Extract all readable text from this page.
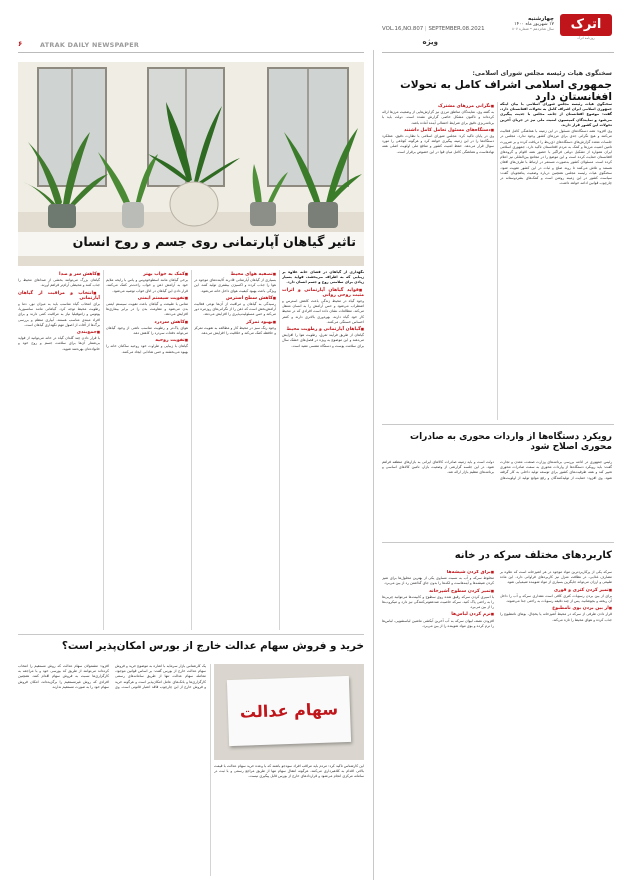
اترک
روزنامه اترک
چهارشنبه
۱۷ شهریور ماه ۱۴۰۰
سال شانزدهم • شماره ۸۰۷
VOL.16,NO.807 | SEPTEMBER.08.2021
ویژه
۶	ATRAK DAILY NEWSPAPER

سخنگوی هیات رئیسه مجلس شورای اسلامی:

جمهوری اسلامی اشراف کامل به تحولات افغانستان دارد

سخنگوی هیات رئیسه مجلس شورای اسلامی با بیان اینکه جمهوری اسلامی ایران اشراف کامل به تحولات افغانستان دارد، گفت: موضوع افغانستان از جانب مجلس با جدیت پیگیری می‌شود و نمایندگان کمیسیون امنیت ملی نیز در جریان آخرین تحولات این کشور قرار دارند.

وی افزود: همه دستگاه‌های مسئول در این زمینه با هماهنگی کامل فعالیت می‌کنند و هیچ نگرانی جدی برای مرزهای کشور وجود ندارد. مجلس در جلسات متعدد گزارش‌های دستگاه‌های ذی‌ربط را دریافت کرده و بر ضرورت تامین امنیت مرزها و کمک به مردم افغانستان تاکید دارد. جمهوری اسلامی ایران همواره از تشکیل دولتی فراگیر با حضور همه اقوام و گروه‌های افغانستان حمایت کرده است و این موضع را در مجامع بین‌المللی نیز اعلام کرده است. مسئولان کشور به‌صورت مستمر در ارتباط با طرف‌های افغان هستند و تلاش می‌کنند تا روند صلح و ثبات در این کشور تقویت شود. سخنگوی هیات رئیسه مجلس همچنین درباره وضعیت پناهجویان گفت: سیاست کشور در این زمینه روشن است و کمک‌های بشردوستانه در چارچوب قوانین ادامه خواهد داشت.

■ نگرانی مرزهای مشترک

به گفته وی، نمایندگان مناطق مرزی نیز گزارش‌هایی از وضعیت مرزها ارائه کرده‌اند و تاکنون مشکل خاصی گزارش نشده است. دولت باید با برنامه‌ریزی دقیق برای شرایط احتمالی آینده آماده باشد.

■ دستگاه‌های مسئول تعامل کامل داشتند

وی در پایان تاکید کرد: مجلس شورای اسلامی با نظارت دقیق، عملکرد دستگاه‌ها را در این زمینه پیگیری خواهد کرد و هرگونه کوتاهی را مورد سوال قرار می‌دهد. حفظ امنیت کشور و منافع ملی اولویت اصلی همه نهادهاست و هماهنگی کامل میان قوا در این خصوص برقرار است.

رویکرد دستگاه‌ها از واردات محوری به صادرات محوری اصلاح شود

رئیس جمهوری در ادامه بررسی برنامه‌های وزارت صنعت، معدن و تجارت گفت: باید رویکرد دستگاه‌ها از واردات محوری به سمت صادرات محوری تغییر کند و همه ظرفیت‌های کشور برای توسعه تولید داخلی به کار گرفته شود. وی افزود: حمایت از تولیدکنندگان و رفع موانع تولید از اولویت‌های دولت است و باید زمینه صادرات کالاهای ایرانی به بازارهای منطقه فراهم شود. در این جلسه گزارشی از وضعیت بازار، تامین کالاهای اساسی و برنامه‌های تنظیم بازار ارائه شد.

کاربردهای مختلف سرکه در خانه

سرکه یکی از پرکاربردترین مواد موجود در هر آشپزخانه است که علاوه بر مصارف غذایی، در نظافت منزل نیز کاربردهای فراوانی دارد. این ماده طبیعی و ارزان می‌تواند جایگزین بسیاری از مواد شوینده شیمیایی شود.

■ تمیز کردن کتری و قوری

برای از بین بردن رسوبات کتری کافی است مقداری سرکه و آب را داخل آن ریخته و بجوشانید. پس از چند دقیقه رسوبات به راحتی جدا می‌شوند.

■ از بین بردن بوی نامطبوع

قرار دادن ظرفی از سرکه در محیط آشپزخانه یا یخچال، بوهای نامطبوع را جذب کرده و هوای محیط را تازه می‌کند.

■ براق کردن شیشه‌ها

مخلوط سرکه و آب به نسبت مساوی یکی از بهترین محلول‌ها برای تمیز کردن شیشه‌ها و آینه‌هاست و لکه‌ها را بدون جای گذاشتن رد از بین می‌برد.

■ تمیز کردن سطوح آشپزخانه

با اسپری کردن سرکه رقیق شده روی سطوح و کابینت‌ها می‌توانید چربی‌ها را به راحتی پاک کنید. سرکه خاصیت ضدعفونی‌کنندگی نیز دارد و میکروب‌ها را از بین می‌برد.

■ نرم کردن لباس‌ها

افزودن نصف لیوان سرکه به آب آخرین آبکشی ماشین لباسشویی، لباس‌ها را نرم کرده و بوی مواد شوینده را از بین می‌برد.

تاثیر گیاهان آپارتمانی روی جسم و روح انسان

نگهداری از گیاهان در فضای خانه علاوه بر زیبایی که به اطراف می‌بخشد، فواید بسیار زیادی برای سلامتی روح و جسم انسان دارد.

■ فواید گیاهان آپارتمانی و اثرات مثبت روحی روانی

وجود گیاه در محیط زندگی باعث کاهش استرس و اضطراب می‌شود و حس آرامش را به انسان منتقل می‌کند. مطالعات نشان داده است افرادی که در محیط کار خود گیاه دارند، بهره‌وری بالاتری دارند و کمتر احساس خستگی می‌کنند.

■ گیاهان آپارتمانی و رطوبت محیط

گیاهان از طریق فرآیند تعرق، رطوبت هوا را افزایش می‌دهند و این موضوع به ویژه در فصل‌های خشک سال برای سلامت پوست و دستگاه تنفسی مفید است.

■ تصفیه هوای محیط

بسیاری از گیاهان آپارتمانی قادرند آلاینده‌های موجود در هوا را جذب کرده و اکسیژن بیشتری تولید کنند. این ویژگی باعث بهبود کیفیت هوای داخل خانه می‌شود.

■ کاهش سطح استرس

رسیدگی به گیاهان و مراقبت از آن‌ها نوعی فعالیت آرامش‌بخش است که ذهن را از نگرانی‌های روزمره دور می‌کند و حس مسئولیت‌پذیری را افزایش می‌دهد.

■ بهبود تمرکز

وجود رنگ سبز در محیط کار و مطالعه به تقویت تمرکز و حافظه کمک می‌کند و خلاقیت را افزایش می‌دهد.

■ کمک به خواب بهتر

برخی گیاهان مانند اسطوخودوس و یاس با رایحه ملایم خود به آرامش ذهن و خواب راحت‌تر کمک می‌کنند. قرار دادن این گیاهان در اتاق خواب توصیه می‌شود.

■ تقویت سیستم ایمنی

تماس با طبیعت و گیاهان باعث تقویت سیستم ایمنی بدن می‌شود و مقاومت بدن را در برابر بیماری‌ها افزایش می‌دهد.

■ کاهش سردرد

هوای پاک‌تر و رطوبت مناسب ناشی از وجود گیاهان می‌تواند دفعات سردرد را کاهش دهد.

■ تقویت روحیه

گیاهان با زیبایی و طراوت خود روحیه ساکنان خانه را بهبود می‌بخشند و حس شادابی ایجاد می‌کنند.

■ کاهش سر و صدا

گیاهان بزرگ می‌توانند بخشی از صداهای محیط را جذب کنند و محیطی آرام‌تر فراهم آورند.

■ انتخاب و مراقبت از گیاهان آپارتمانی

برای انتخاب گیاه مناسب باید به میزان نور، دما و رطوبت محیط توجه کرد. گیاهانی مانند سانسوریا، پوتوس و زاموفیلیا نیاز به مراقبت کمی دارند و برای افراد مبتدی مناسب هستند. آبیاری منظم و بررسی برگ‌ها از آفات از اصول مهم نگهداری گیاهان است.

■ جمع‌بندی

با قرار دادن چند گلدان گیاه در خانه می‌توانید از فواید بی‌شمار آن‌ها برای سلامت جسم و روح خود و خانواده‌تان بهره‌مند شوید.

خرید و فروش سهام عدالت خارج از بورس امکان‌پذیر است؟
سهام عدالت

این کارشناس تاکید کرد: مردم باید مراقب افراد سودجو باشند که با وعده خرید سهام عدالت با قیمت بالاتر، اقدام به کلاهبرداری می‌کنند. هرگونه انتقال سهام تنها از طریق مراجع رسمی و با ثبت در سامانه مرکزی انجام می‌شود و قراردادهای خارج از بورس قابل پیگیری نیست.

یک کارشناس بازار سرمایه با اشاره به موضوع خرید و فروش سهام عدالت خارج از بورس گفت: بر اساس قوانین موجود، معامله سهام عدالت تنها از طریق سامانه‌های رسمی کارگزاری‌ها و بانک‌های عامل امکان‌پذیر است و هرگونه خرید و فروش خارج از این چارچوب فاقد اعتبار قانونی است. وی افزود: مشمولان سهام عدالت که روش مستقیم را انتخاب کرده‌اند می‌توانند از طریق کد بورسی خود و با مراجعه به کارگزاری‌ها نسبت به فروش سهام اقدام کنند. همچنین افرادی که روش غیرمستقیم را برگزیده‌اند، امکان فروش سهام خود را به صورت مستقیم ندارند.
